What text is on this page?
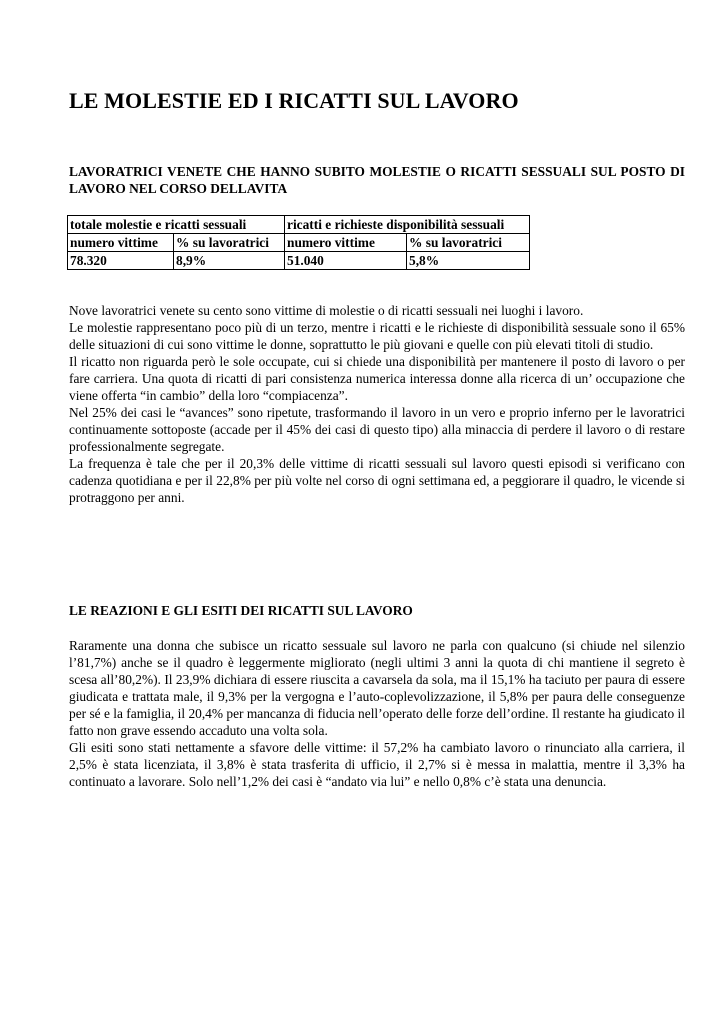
LE MOLESTIE ED I RICATTI SUL LAVORO

LAVORATRICI VENETE CHE HANNO SUBITO MOLESTIE O RICATTI SESSUALI SUL POSTO DI LAVORO NEL CORSO DELLAVITA

totale molestie e ricatti sessuali		ricatti e richieste disponibilità sessuali	
numero vittime	% su lavoratrici	numero vittime	% su lavoratrici
78.320	8,9%	51.040	5,8%

Nove lavoratrici venete su cento sono vittime di molestie o di ricatti sessuali nei luoghi i lavoro.

Le molestie rappresentano poco più di un terzo, mentre i ricatti e le richieste di disponibilità sessuale sono il 65% delle situazioni di cui sono vittime le donne, soprattutto le più giovani e quelle con più elevati titoli di studio.

Il ricatto non riguarda però le sole occupate, cui si chiede una disponibilità per mantenere il posto di lavoro o per fare carriera. Una quota di ricatti di pari consistenza numerica interessa donne alla ricerca di un’ occupazione che viene offerta “in cambio” della loro “compiacenza”.

Nel 25% dei casi le “avances” sono ripetute, trasformando il lavoro in un vero e proprio inferno per le lavoratrici continuamente sottoposte (accade per il 45% dei casi di questo tipo) alla minaccia di perdere il lavoro o di restare professionalmente segregate.

La frequenza è tale che per il 20,3% delle vittime di ricatti sessuali sul lavoro questi episodi si verificano con cadenza quotidiana e per il 22,8% per più volte nel corso di ogni settimana ed, a peggiorare il quadro, le vicende si protraggono per anni.

LE REAZIONI E GLI ESITI DEI RICATTI SUL LAVORO

Raramente una donna che subisce un ricatto sessuale sul lavoro ne parla con qualcuno (si chiude nel silenzio l’81,7%) anche se il quadro è leggermente migliorato (negli ultimi 3 anni la quota di chi mantiene il segreto è scesa all’80,2%). Il 23,9% dichiara di essere riuscita a cavarsela da sola, ma il 15,1% ha taciuto per paura di essere giudicata e trattata male, il 9,3% per la vergogna e l’auto-coplevolizzazione, il 5,8% per paura delle conseguenze per sé e la famiglia, il 20,4% per mancanza di fiducia nell’operato delle forze dell’ordine. Il restante ha giudicato il fatto non grave essendo accaduto una volta sola.

Gli esiti sono stati nettamente a sfavore delle vittime: il 57,2% ha cambiato lavoro o rinunciato alla carriera, il 2,5% è stata licenziata, il 3,8% è stata trasferita di ufficio, il 2,7% si è messa in malattia, mentre il 3,3% ha continuato a lavorare. Solo nell’1,2% dei casi è “andato via lui” e nello 0,8% c’è stata una denuncia.
